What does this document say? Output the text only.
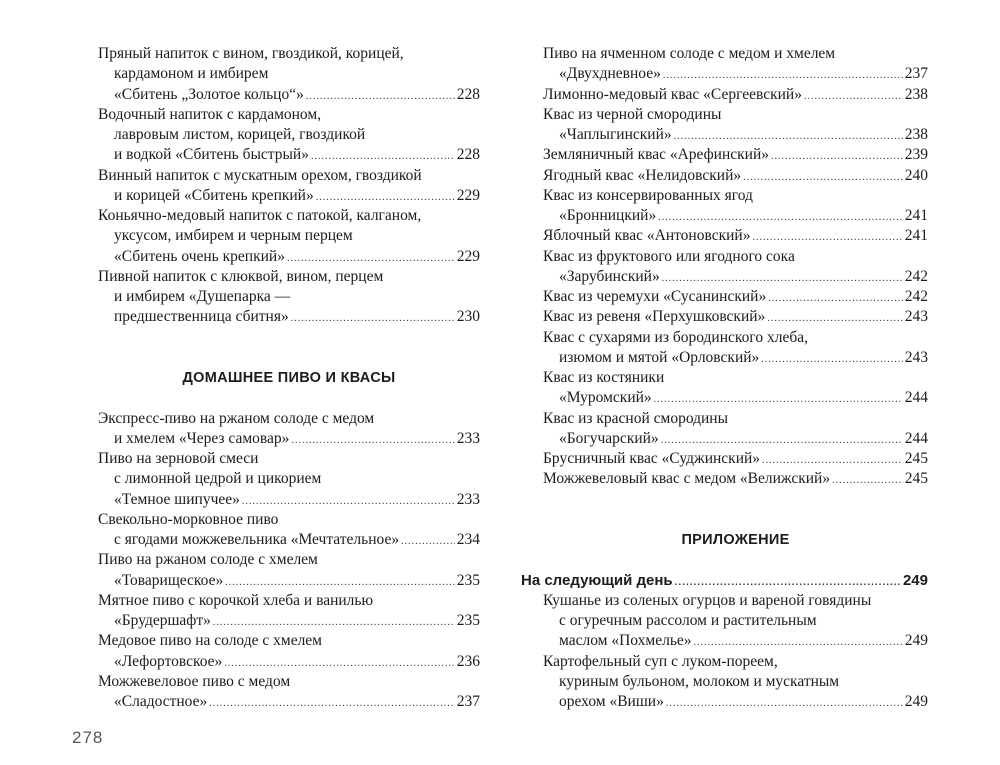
Пряный напиток с вином, гвоздикой, корицей,
кардамоном и имбирем
«Сбитень „Золотое кольцо“» .....	228
Водочный напиток с кардамоном,
лавровым листом, корицей, гвоздикой
и водкой «Сбитень быстрый» .....	228
Винный напиток с мускатным орехом, гвоздикой
и корицей «Сбитень крепкий» .....	229
Коньячно-медовый напиток с патокой, калганом,
уксусом, имбирем и черным перцем
«Сбитень очень крепкий» .....	229
Пивной напиток с клюквой, вином, перцем
и имбирем «Душепарка —
предшественница сбитня» .....	230
ДОМАШНЕЕ ПИВО И КВАСЫ
Экспресс-пиво на ржаном солоде с медом
и хмелем «Через самовар» .....	233
Пиво на зерновой смеси
с лимонной цедрой и цикорием
«Темное шипучее» .....	233
Свекольно-морковное пиво
с ягодами можжевельника «Мечтательное» .....	234
Пиво на ржаном солоде с хмелем
«Товарищеское» .....	235
Мятное пиво с корочкой хлеба и ванилью
«Брудершафт» .....	235
Медовое пиво на солоде с хмелем
«Лефортовское» .....	236
Можжевеловое пиво с медом
«Сладостное» .....	237
Пиво на ячменном солоде с медом и хмелем
«Двухдневное» .....	237
Лимонно-медовый квас «Сергеевский» .....	238
Квас из черной смородины
«Чаплыгинский» .....	238
Земляничный квас «Арефинский» .....	239
Ягодный квас «Нелидовский» .....	240
Квас из консервированных ягод
«Бронницкий» .....	241
Яблочный квас «Антоновский» .....	241
Квас из фруктового или ягодного сока
«Зарубинский» .....	242
Квас из черемухи «Сусанинский» .....	242
Квас из ревеня «Перхушковский» .....	243
Квас с сухарями из бородинского хлеба,
изюмом и мятой «Орловский» .....	243
Квас из костяники
«Муромский» .....	244
Квас из красной смородины
«Богучарский» .....	244
Брусничный квас «Суджинский» .....	245
Можжевеловый квас с медом «Велижский» .....	245
ПРИЛОЖЕНИЕ
На следующий день .....	249
Кушанье из соленых огурцов и вареной говядины
с огуречным рассолом и растительным
маслом «Похмелье» .....	249
Картофельный суп с луком-пореем,
куриным бульоном, молоком и мускатным
орехом «Виши» .....	249
278
